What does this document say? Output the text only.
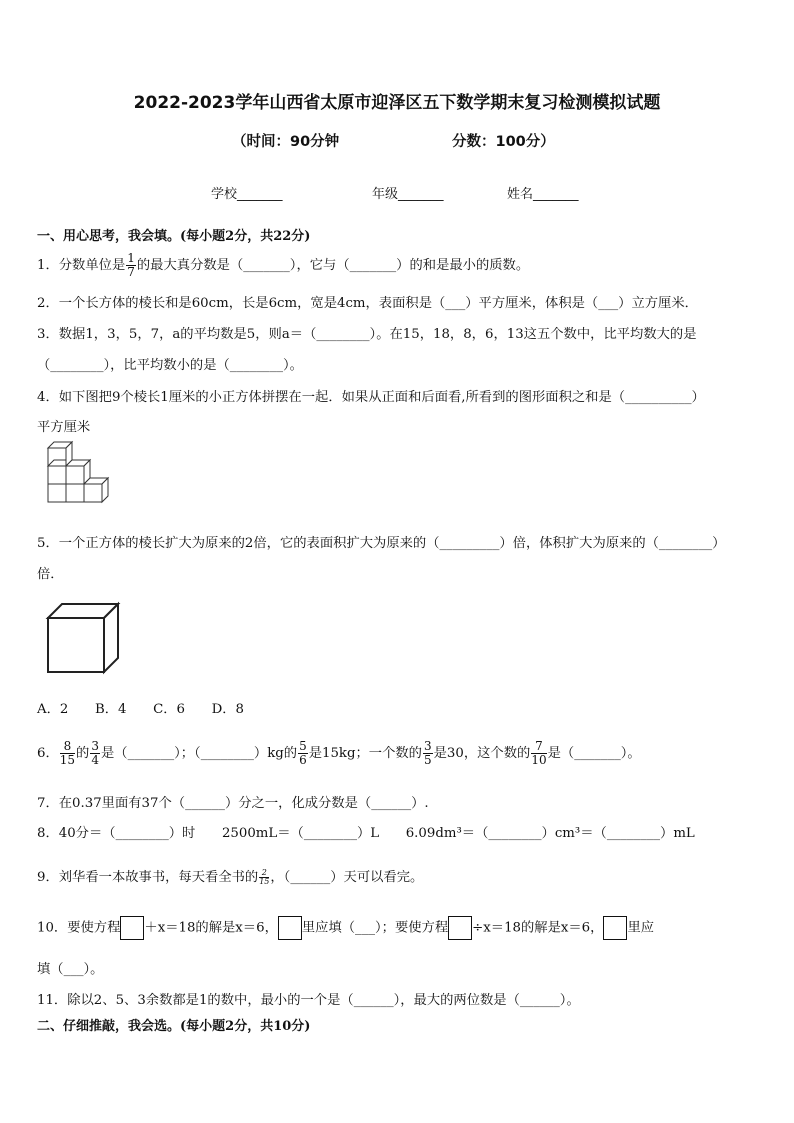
2022-2023学年山西省太原市迎泽区五下数学期末复习检测模拟试题
（时间：90分钟	分数：100分）
学校_______	年级_______	姓名_______
一、用心思考，我会填。(每小题2分，共22分)
1．分数单位是 $\frac{1}{7}$ 的最大真分数是（_______），它与（_______）的和是最小的质数。
2．一个长方体的棱长和是60cm，长是6cm，宽是4cm，表面积是（___）平方厘米，体积是（___）立方厘米．
3．数据1，3，5，7，a的平均数是5，则a＝（________）。在15，18，8，6，13这五个数中，比平均数大的是
（________），比平均数小的是（________）。
4．如下图把9个棱长1厘米的小正方体拼摆在一起．如果从正面和后面看,所看到的图形面积之和是（__________）
平方厘米
5．一个正方体的棱长扩大为原来的2倍，它的表面积扩大为原来的（_________）倍，体积扩大为原来的（________）
倍．
A．2　　B．4　　C．6　　D．8
6． $\frac{8}{15}$ 的 $\frac{3}{4}$ 是（_______）；（________）kg的 $\frac{5}{6}$ 是15kg；一个数的 $\frac{3}{5}$ 是30，这个数的 $\frac{7}{10}$ 是（_______）。
7．在0.37里面有37个（______）分之一，化成分数是（______）.
8．40分＝（________）时　　2500mL＝（________）L　　6.09dm³＝（________）cm³＝（________）mL
9．刘华看一本故事书，每天看全书的 $\frac{2}{15}$ ，（______）天可以看完。
10．要使方程 ＋x＝18的解是x＝6， 里应填（___）；要使方程 ÷x＝18的解是x＝6， 里应
填（___）。
11．除以2、5、3余数都是1的数中，最小的一个是（______），最大的两位数是（______）。
二、仔细推敲，我会选。(每小题2分，共10分)
